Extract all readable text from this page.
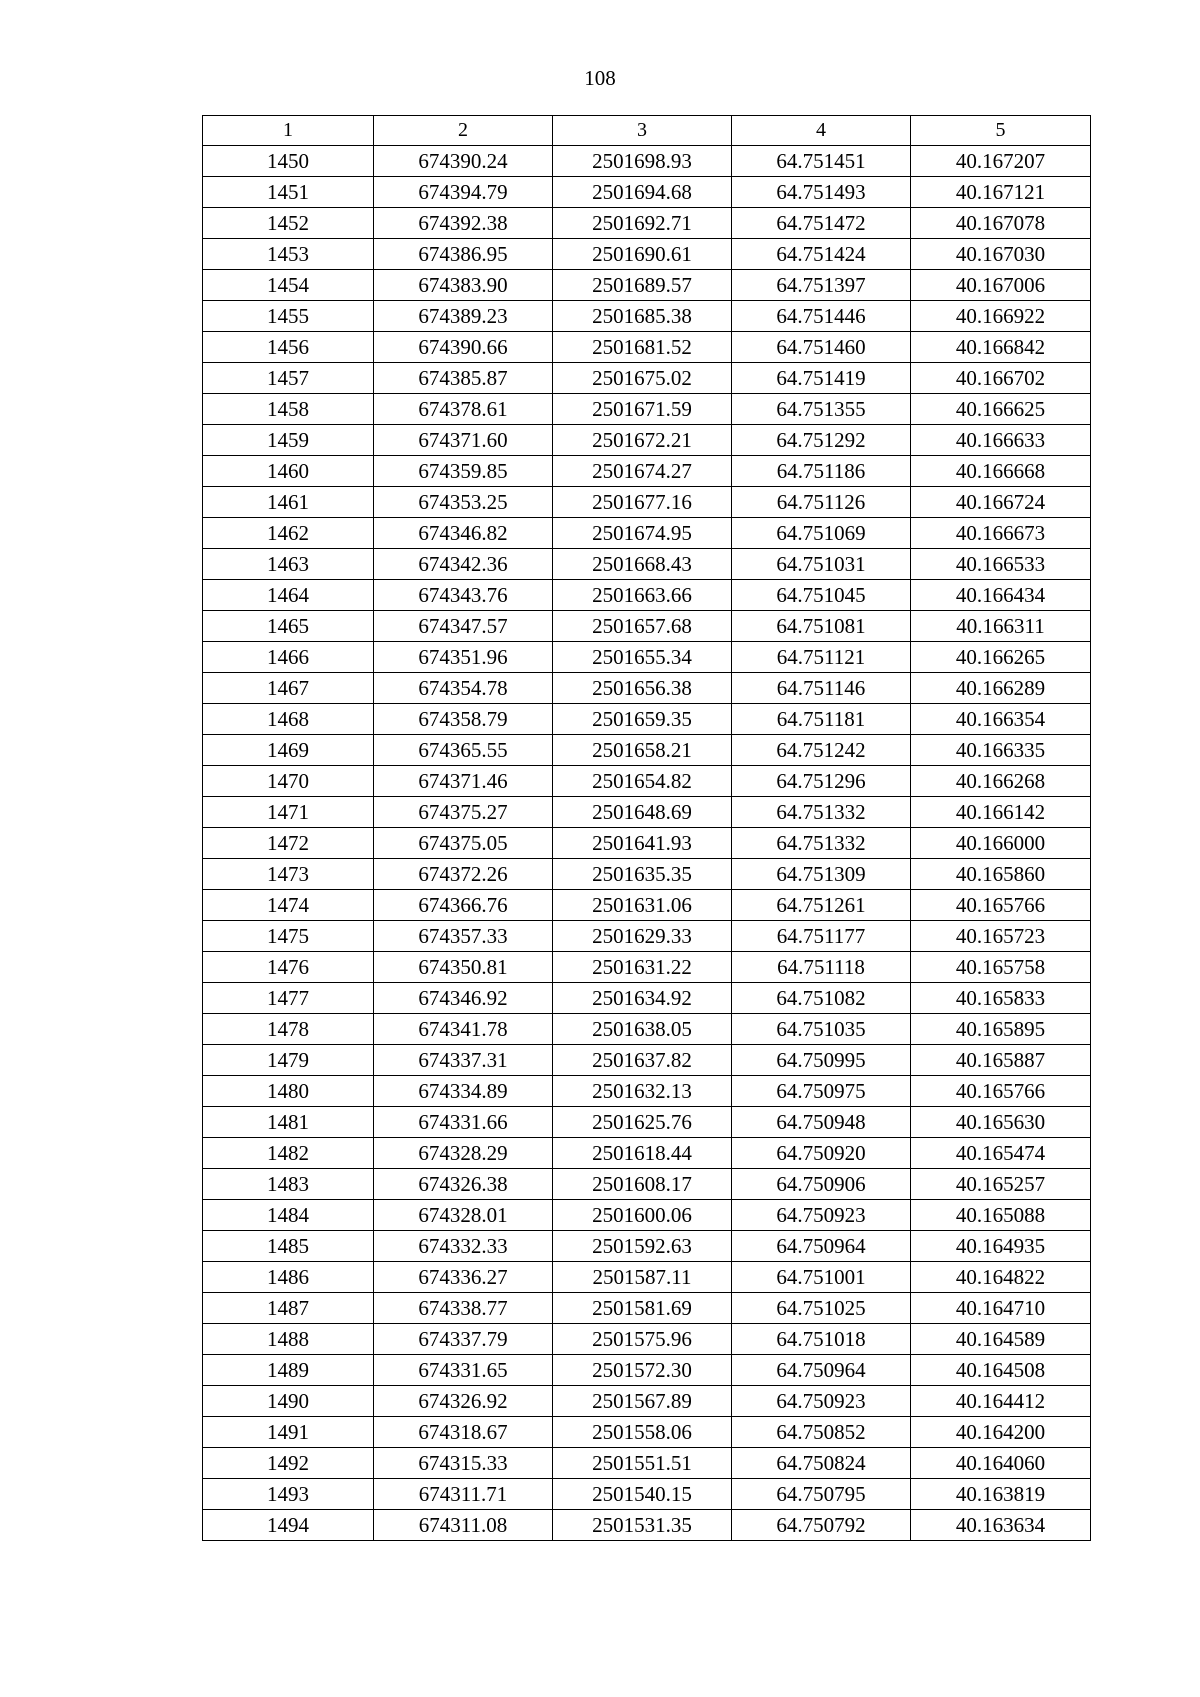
108
1	2	3	4	5
1450	674390.24	2501698.93	64.751451	40.167207
1451	674394.79	2501694.68	64.751493	40.167121
1452	674392.38	2501692.71	64.751472	40.167078
1453	674386.95	2501690.61	64.751424	40.167030
1454	674383.90	2501689.57	64.751397	40.167006
1455	674389.23	2501685.38	64.751446	40.166922
1456	674390.66	2501681.52	64.751460	40.166842
1457	674385.87	2501675.02	64.751419	40.166702
1458	674378.61	2501671.59	64.751355	40.166625
1459	674371.60	2501672.21	64.751292	40.166633
1460	674359.85	2501674.27	64.751186	40.166668
1461	674353.25	2501677.16	64.751126	40.166724
1462	674346.82	2501674.95	64.751069	40.166673
1463	674342.36	2501668.43	64.751031	40.166533
1464	674343.76	2501663.66	64.751045	40.166434
1465	674347.57	2501657.68	64.751081	40.166311
1466	674351.96	2501655.34	64.751121	40.166265
1467	674354.78	2501656.38	64.751146	40.166289
1468	674358.79	2501659.35	64.751181	40.166354
1469	674365.55	2501658.21	64.751242	40.166335
1470	674371.46	2501654.82	64.751296	40.166268
1471	674375.27	2501648.69	64.751332	40.166142
1472	674375.05	2501641.93	64.751332	40.166000
1473	674372.26	2501635.35	64.751309	40.165860
1474	674366.76	2501631.06	64.751261	40.165766
1475	674357.33	2501629.33	64.751177	40.165723
1476	674350.81	2501631.22	64.751118	40.165758
1477	674346.92	2501634.92	64.751082	40.165833
1478	674341.78	2501638.05	64.751035	40.165895
1479	674337.31	2501637.82	64.750995	40.165887
1480	674334.89	2501632.13	64.750975	40.165766
1481	674331.66	2501625.76	64.750948	40.165630
1482	674328.29	2501618.44	64.750920	40.165474
1483	674326.38	2501608.17	64.750906	40.165257
1484	674328.01	2501600.06	64.750923	40.165088
1485	674332.33	2501592.63	64.750964	40.164935
1486	674336.27	2501587.11	64.751001	40.164822
1487	674338.77	2501581.69	64.751025	40.164710
1488	674337.79	2501575.96	64.751018	40.164589
1489	674331.65	2501572.30	64.750964	40.164508
1490	674326.92	2501567.89	64.750923	40.164412
1491	674318.67	2501558.06	64.750852	40.164200
1492	674315.33	2501551.51	64.750824	40.164060
1493	674311.71	2501540.15	64.750795	40.163819
1494	674311.08	2501531.35	64.750792	40.163634
